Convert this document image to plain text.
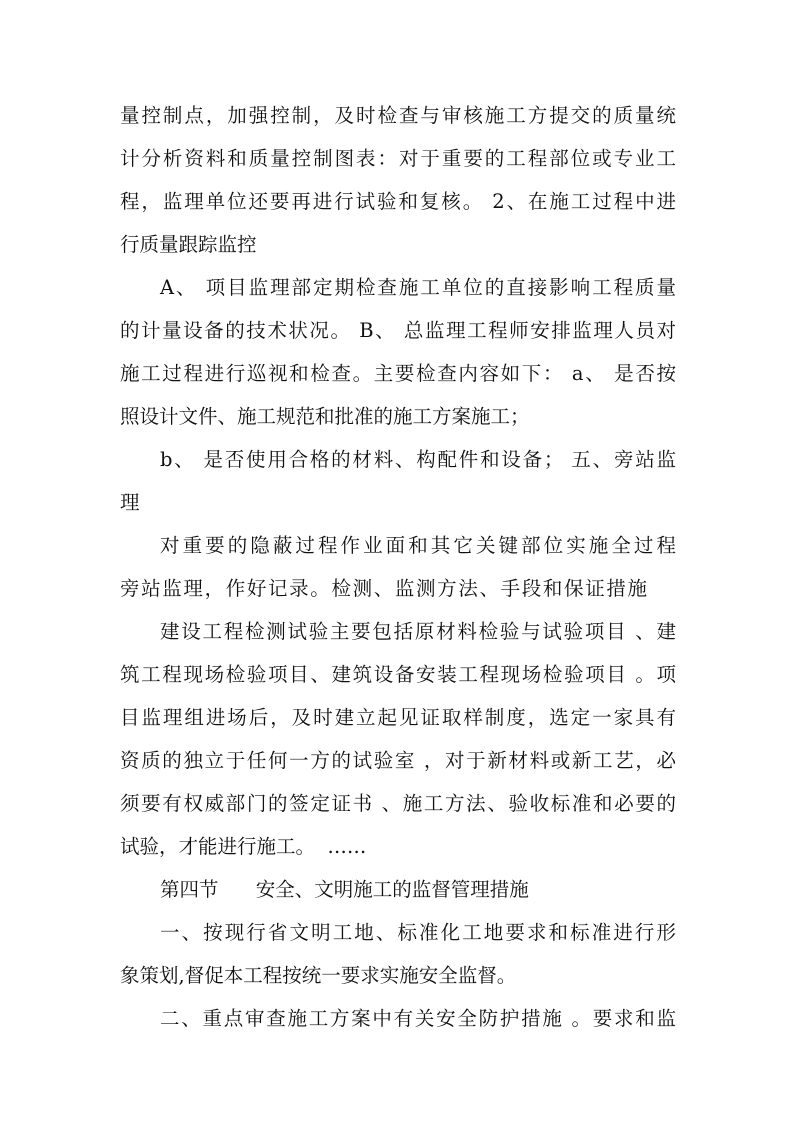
量控制点，加强控制，及时检查与审核施工方提交的质量统
计分析资料和质量控制图表：对于重要的工程部位或专业工
程，监理单位还要再进行试验和复核。 2、在施工过程中进
行质量跟踪监控
A、 项目监理部定期检查施工单位的直接影响工程质量
的计量设备的技术状况。 B、 总监理工程师安排监理人员对
施工过程进行巡视和检查。主要检查内容如下： a、 是否按
照设计文件、施工规范和批准的施工方案施工；
b、 是否使用合格的材料、构配件和设备； 五、旁站监
理
对重要的隐蔽过程作业面和其它关键部位实施全过程
旁站监理，作好记录。检测、监测方法、手段和保证措施
建设工程检测试验主要包括原材料检验与试验项目 、建
筑工程现场检验项目、建筑设备安装工程现场检验项目 。项
目监理组进场后，及时建立起见证取样制度，选定一家具有
资质的独立于任何一方的试验室 ，对于新材料或新工艺，必
须要有权威部门的签定证书 、施工方法、验收标准和必要的
试验，才能进行施工。  ……
第四节      安全、文明施工的监督管理措施
一、按现行省文明工地、标准化工地要求和标准进行形
象策划,督促本工程按统一要求实施安全监督。
二、重点审查施工方案中有关安全防护措施 。要求和监
